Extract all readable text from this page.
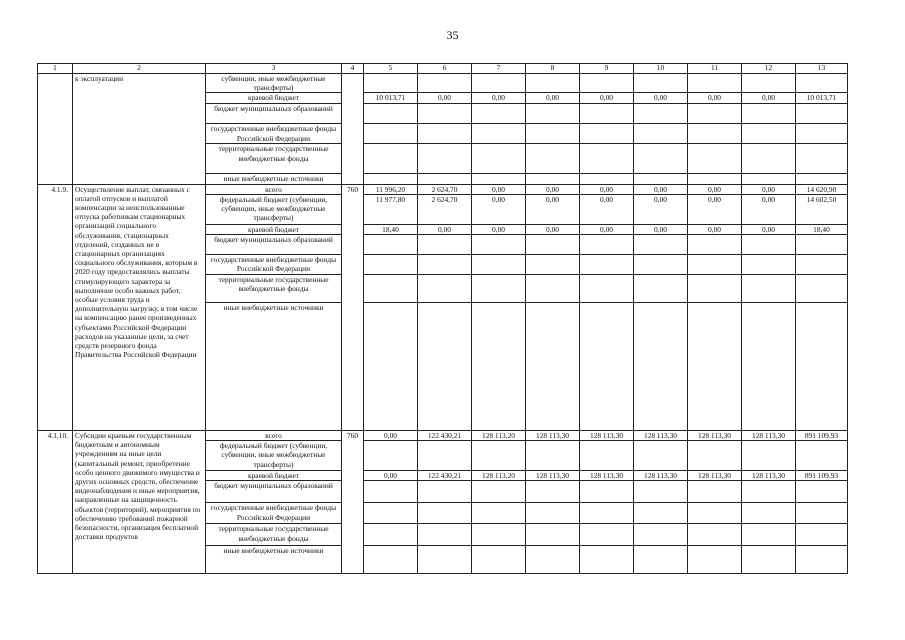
35
1	2	3	4	5	6	7	8	9	10	11	12	13
	к эксплуатации	субвенции, иные межбюджетные трансферты)										
		краевой бюджет		10 013,71	0,00	0,00	0,00	0,00	0,00	0,00	0,00	10 013,71
		бюджет муниципальных образований										
		государственные внебюджетные фонды Российской Федерации										
		территориальные государственные внебюджетные фонды										
		иные внебюджетные источники										
4.1.9.	Осуществление выплат, связанных с оплатой отпусков и выплатой компенсации за неиспользованные отпуска работникам стационарных организаций социального обслуживания, стационарных отделений, созданных не в стационарных организациях социального обслуживания, которым в 2020 году предоставлялись выплаты стимулирующего характера за выполнение особо важных работ, особые условия труда и дополнительную нагрузку, в том числе на компенсацию ранее произведенных субъектами Российской Федерации расходов на указанные цели, за счет средств резервного фонда Правительства Российской Федерации	всего	760	11 996,20	2 624,70	0,00	0,00	0,00	0,00	0,00	0,00	14 620,90
		федеральный бюджет (субвенции, субвенции, иные межбюджетные трансферты)		11 977,80	2 624,70	0,00	0,00	0,00	0,00	0,00	0,00	14 602,50
		краевой бюджет		18,40	0,00	0,00	0,00	0,00	0,00	0,00	0,00	18,40
		бюджет муниципальных образований										
		государственные внебюджетные фонды Российской Федерации										
		территориальные государственные внебюджетные фонды										
		иные внебюджетные источники										
4.1.10.	Субсидии краевым государственным бюджетным и автономным учреждениям на иные цели (капитальный ремонт, приобретение особо ценного движимого имущества и других основных средств, обеспечение видеонаблюдения и иные мероприятия, направленные на защищенность объектов (территорий), мероприятия по обеспечению требований пожарной безопасности, организация бесплатной доставки продуктов	всего	760	0,00	122 430,21	128 113,20	128 113,30	128 113,30	128 113,30	128 113,30	128 113,30	891 109,93
		федеральный бюджет (субвенции, субвенции, иные межбюджетные трансферты)										
		краевой бюджет		0,00	122 430,21	128 113,20	128 113,30	128 113,30	128 113,30	128 113,30	128 113,30	891 109,93
		бюджет муниципальных образований										
		государственные внебюджетные фонды Российской Федерации										
		территориальные государственные внебюджетные фонды										
		иные внебюджетные источники										
